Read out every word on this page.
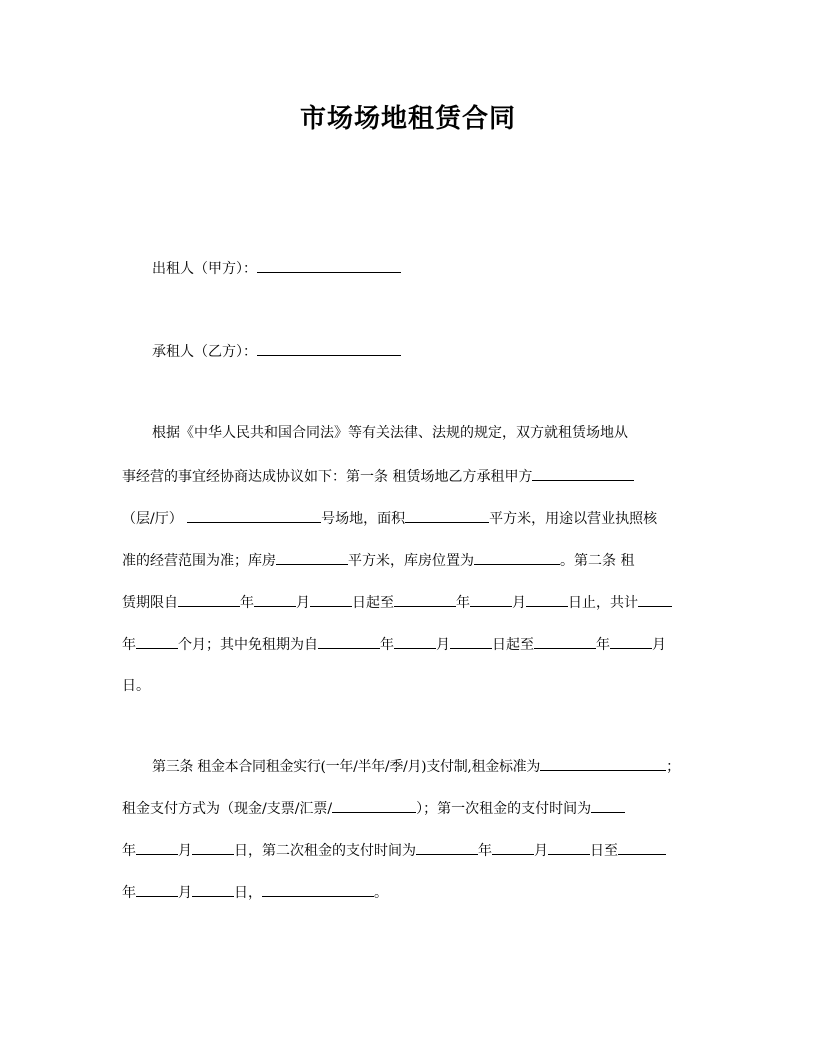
市场场地租赁合同
出租人（甲方）：
承租人（乙方）：
根据《中华人民共和国合同法》等有关法律、法规的规定，双方就租赁场地从
事经营的事宜经协商达成协议如下：第一条 租赁场地乙方承租甲方
（层/厅）	号场地，面积	平方米，用途以营业执照核
准的经营范围为准；库房	平方米，库房位置为	。第二条 租
赁期限自	年	月	日起至	年	月	日止，共计
年	个月；其中免租期为自	年	月	日起至	年	月
日。
第三条 租金本合同租金实行(一年/半年/季/月)支付制,租金标准为	；
租金支付方式为（现金/支票/汇票/	）；第一次租金的支付时间为
年	月	日，第二次租金的支付时间为	年	月	日至
年	月	日，	。
